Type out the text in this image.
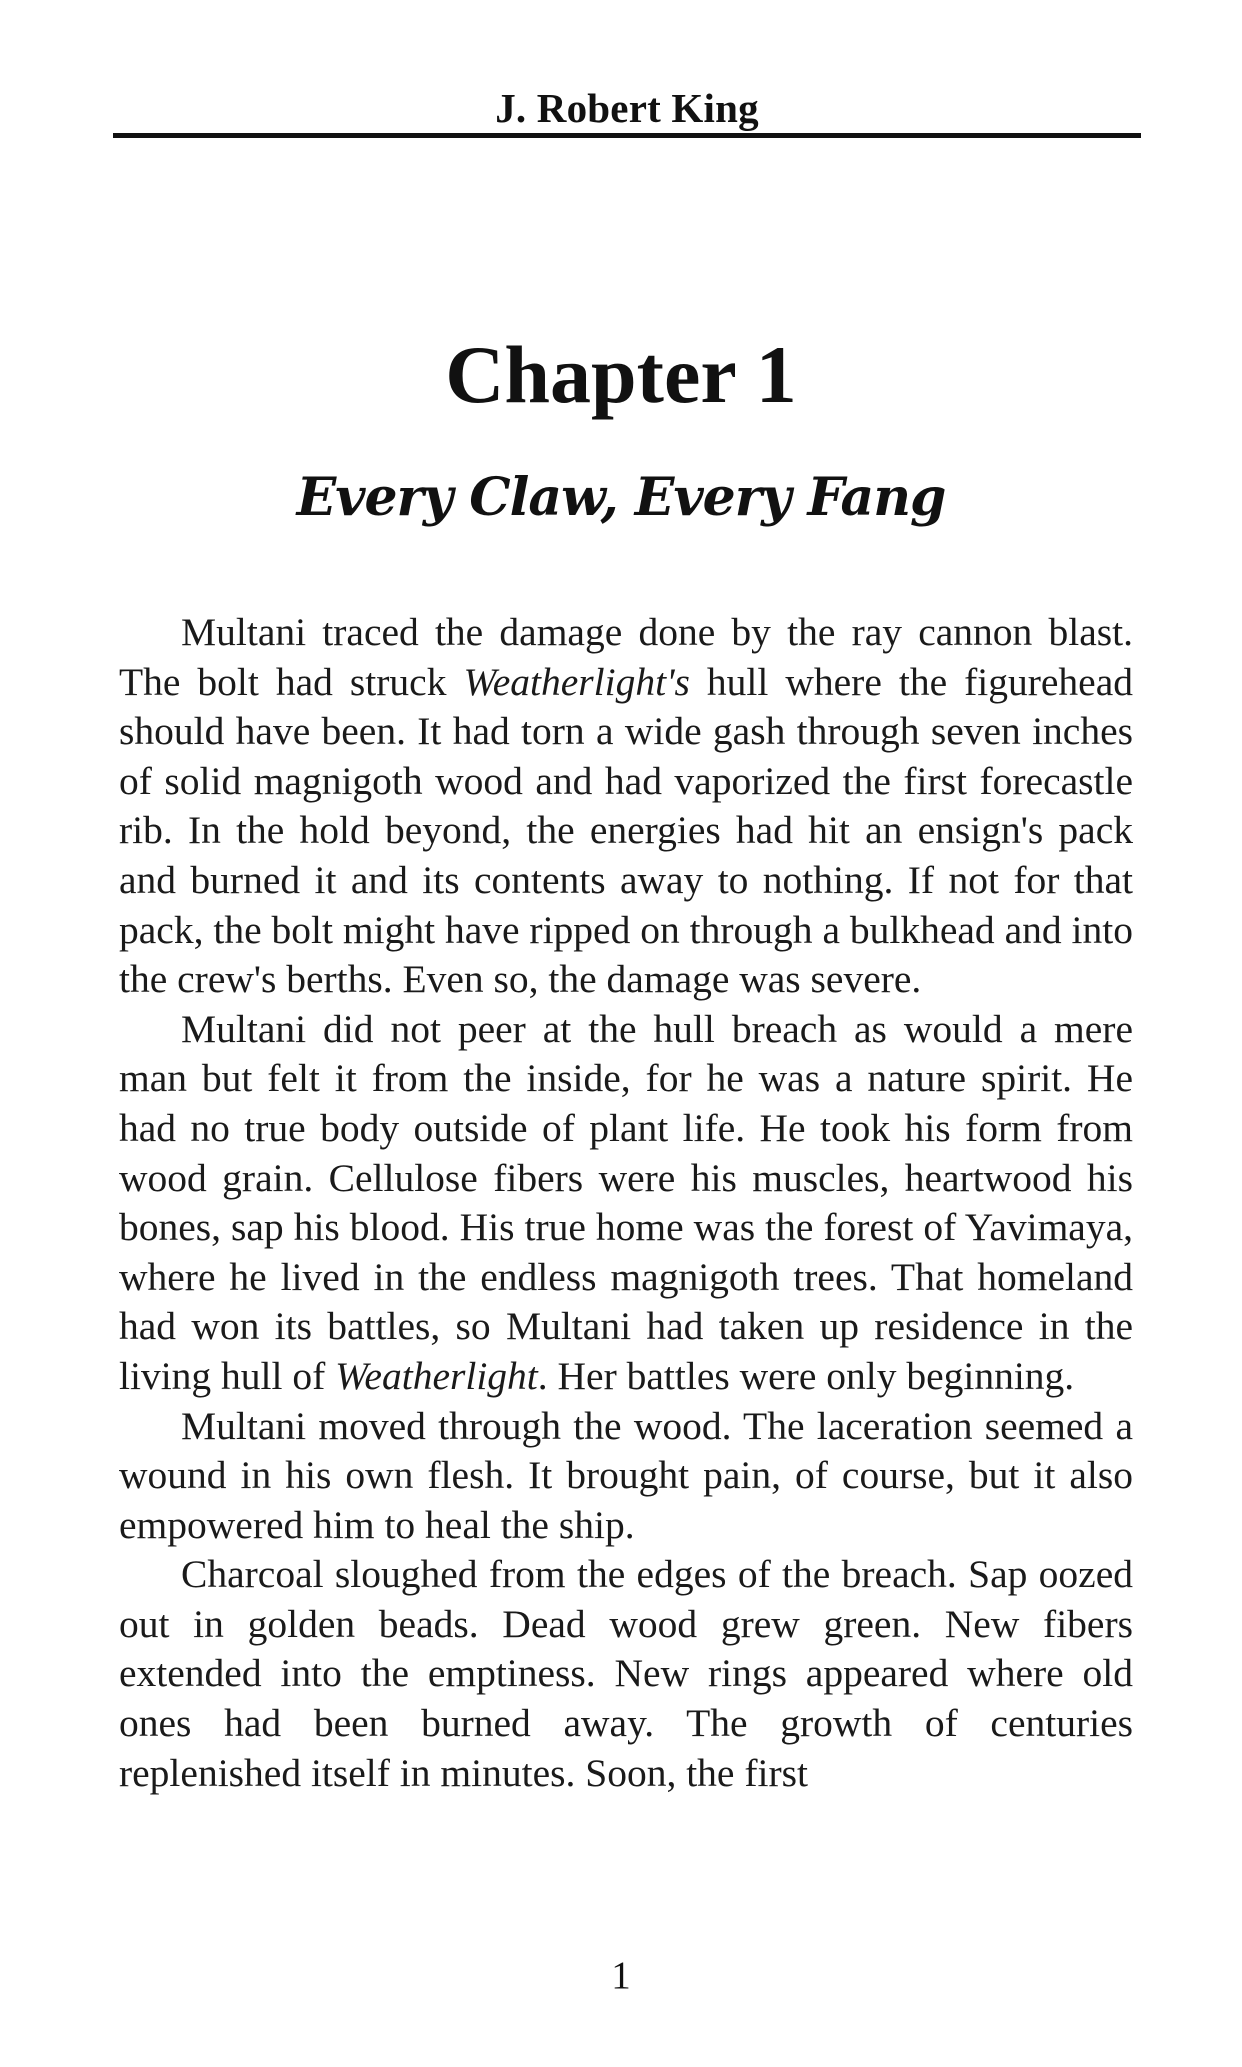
J. Robert King
Chapter 1
Every Claw, Every Fang

Multani traced the damage done by the ray cannon blast. The bolt had struck Weatherlight's hull where the figurehead should have been. It had torn a wide gash through seven inches of solid magnigoth wood and had vaporized the first forecastle rib. In the hold beyond, the energies had hit an ensign's pack and burned it and its contents away to nothing. If not for that pack, the bolt might have ripped on through a bulkhead and into the crew's berths. Even so, the damage was severe.

Multani did not peer at the hull breach as would a mere man but felt it from the inside, for he was a nature spirit. He had no true body outside of plant life. He took his form from wood grain. Cellulose fibers were his muscles, heartwood his bones, sap his blood. His true home was the forest of Yavimaya, where he lived in the endless magnigoth trees. That homeland had won its battles, so Multani had taken up residence in the living hull of Weatherlight. Her battles were only beginning.

Multani moved through the wood. The laceration seemed a wound in his own flesh. It brought pain, of course, but it also empowered him to heal the ship.

Charcoal sloughed from the edges of the breach. Sap oozed out in golden beads. Dead wood grew green. New fibers extended into the emptiness. New rings appeared where old ones had been burned away. The growth of centuries replenished itself in minutes. Soon, the first

1
